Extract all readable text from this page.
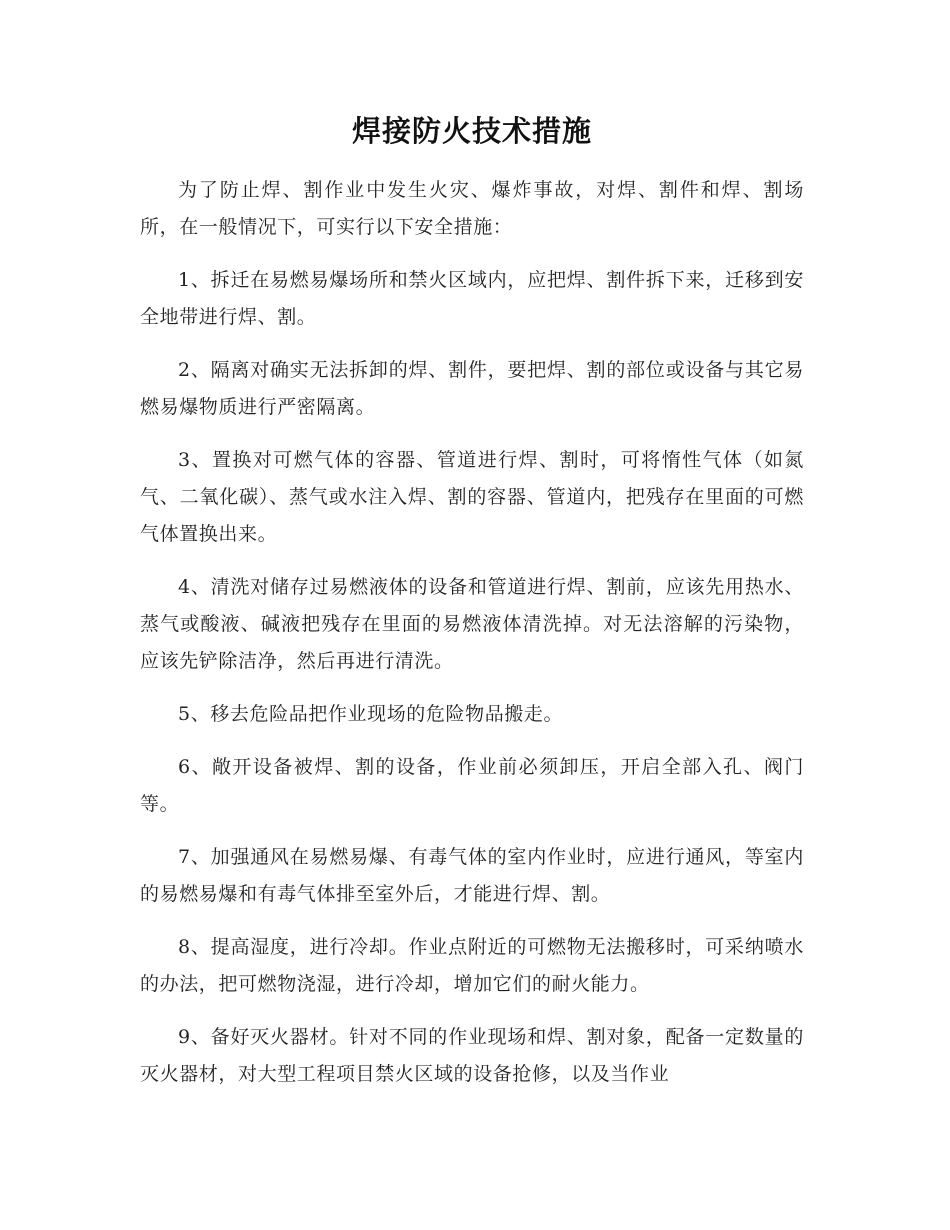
焊接防火技术措施

为了防止焊、割作业中发生火灾、爆炸事故，对焊、割件和焊、割场所，在一般情况下，可实行以下安全措施：

1、拆迁在易燃易爆场所和禁火区域内，应把焊、割件拆下来，迁移到安全地带进行焊、割。

2、隔离对确实无法拆卸的焊、割件，要把焊、割的部位或设备与其它易燃易爆物质进行严密隔离。

3、置换对可燃气体的容器、管道进行焊、割时，可将惰性气体（如氮气、二氧化碳）、蒸气或水注入焊、割的容器、管道内，把残存在里面的可燃气体置换出来。

4、清洗对储存过易燃液体的设备和管道进行焊、割前，应该先用热水、蒸气或酸液、碱液把残存在里面的易燃液体清洗掉。对无法溶解的污染物，应该先铲除洁净，然后再进行清洗。

5、移去危险品把作业现场的危险物品搬走。

6、敞开设备被焊、割的设备，作业前必须卸压，开启全部入孔、阀门等。

7、加强通风在易燃易爆、有毒气体的室内作业时，应进行通风，等室内的易燃易爆和有毒气体排至室外后，才能进行焊、割。

8、提高湿度，进行冷却。作业点附近的可燃物无法搬移时，可采纳喷水的办法，把可燃物浇湿，进行冷却，增加它们的耐火能力。

9、备好灭火器材。针对不同的作业现场和焊、割对象，配备一定数量的灭火器材，对大型工程项目禁火区域的设备抢修，以及当作业
